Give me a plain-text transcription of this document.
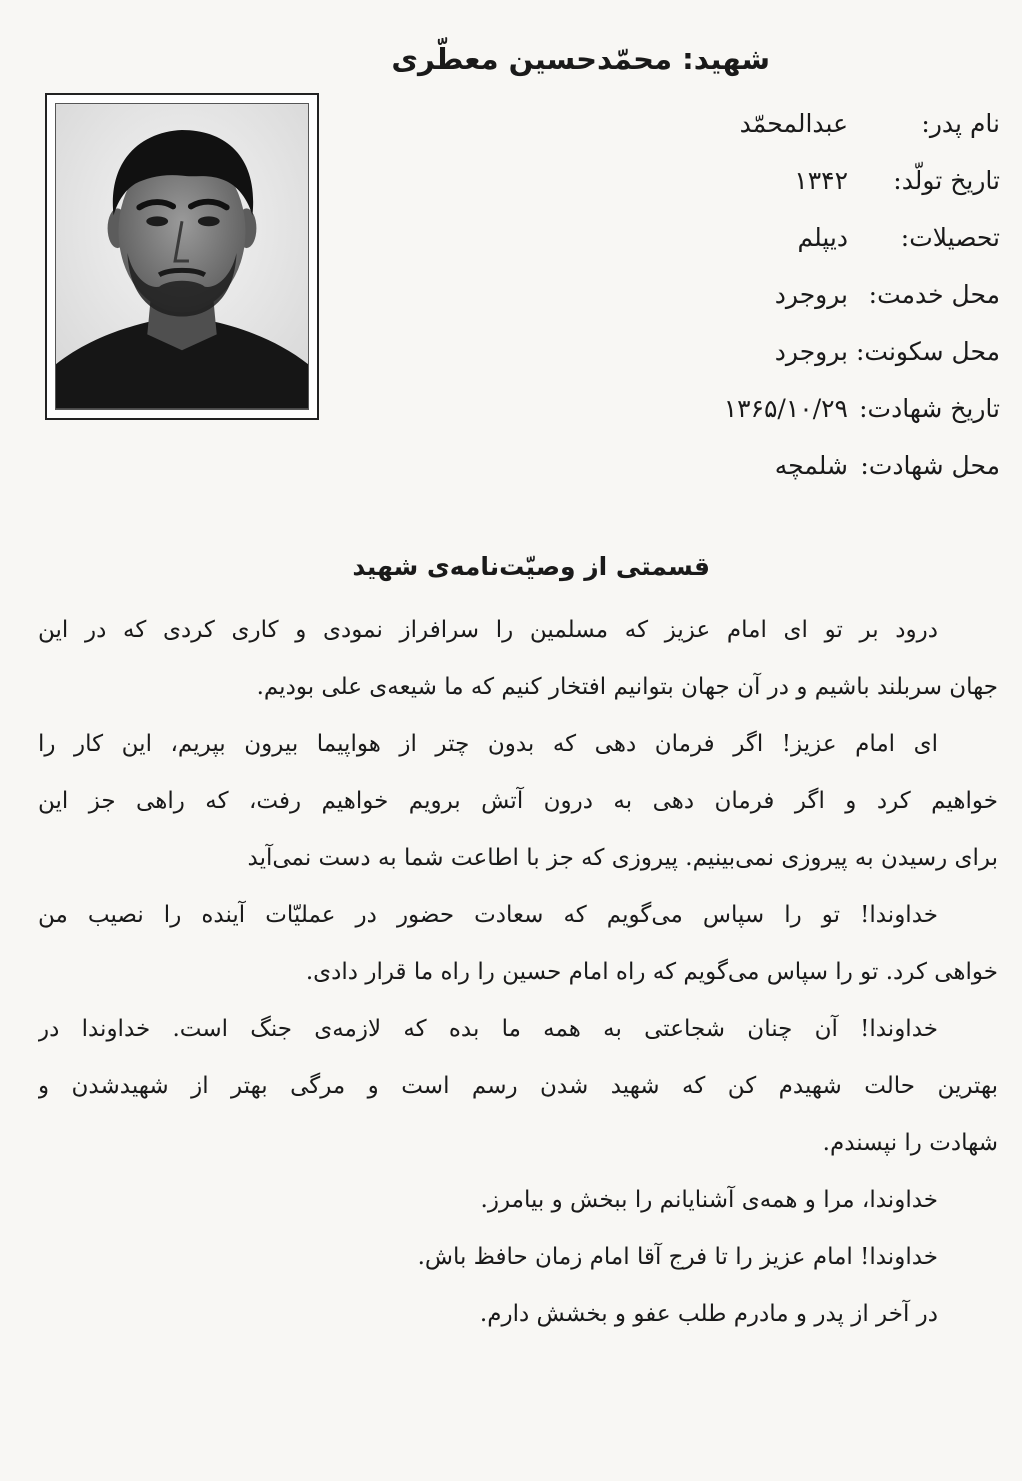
شهید: محمّدحسین معطّری
نام پدر:
عبدالمحمّد
تاریخ تولّد:
۱۳۴۲
تحصیلات:
دیپلم
محل خدمت:
بروجرد
محل سکونت:
بروجرد
تاریخ شهادت:
۱۳۶۵/۱۰/۲۹
محل شهادت:
شلمچه
قسمتی از وصیّت‌نامه‌ی شهید

درود بر تو ای امام عزیز که مسلمین را سرافراز نمودی و کاری کردی که در این
جهان سربلند باشیم و در آن جهان بتوانیم افتخار کنیم که ما شیعه‌ی علی بودیم.

ای امام عزیز! اگر فرمان دهی که بدون چتر از هواپیما بیرون بپریم، این کار را
خواهیم کرد و اگر فرمان دهی به درون آتش برویم خواهیم رفت، که راهی جز این
برای رسیدن به پیروزی نمی‌بینیم. پیروزی که جز با اطاعت شما به دست نمی‌آید

خداوندا! تو را سپاس می‌گویم که سعادت حضور در عملیّات آینده را نصیب من
خواهی کرد. تو را سپاس می‌گویم که راه امام حسین را راه ما قرار دادی.

خداوندا! آن چنان شجاعتی به همه ما بده که لازمه‌ی جنگ است. خداوندا در
بهترین حالت شهیدم کن که شهید شدن رسم است و مرگی بهتر از شهیدشدن و
شهادت را نپسندم.

خداوندا، مرا و همه‌ی آشنایانم را ببخش و بیامرز.

خداوندا! امام عزیز را تا فرج آقا امام زمان حافظ باش.

در آخر از پدر و مادرم طلب عفو و بخشش دارم.
